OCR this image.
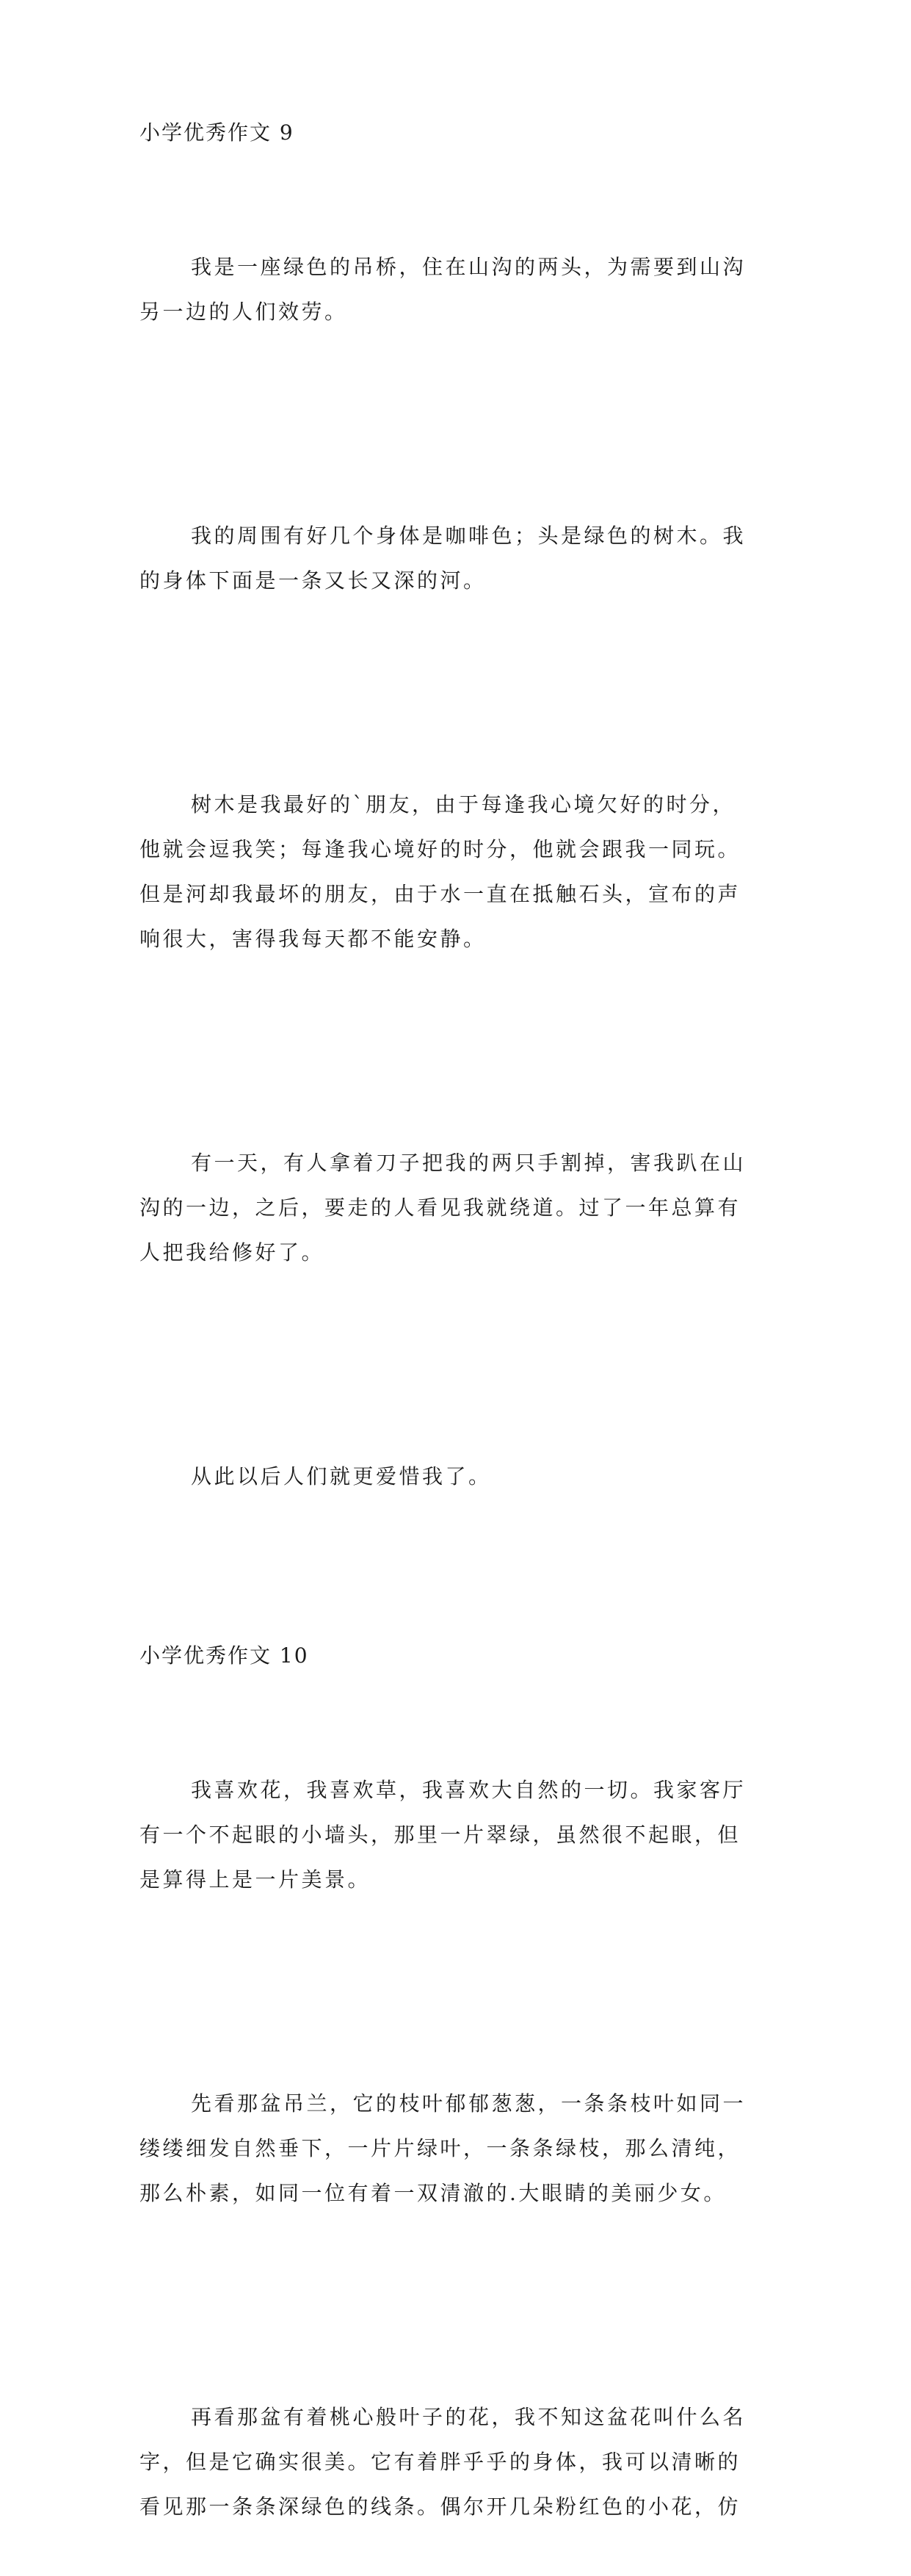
小学优秀作文 9

我是一座绿色的吊桥，住在山沟的两头，为需要到山沟
另一边的人们效劳。

我的周围有好几个身体是咖啡色；头是绿色的树木。我
的身体下面是一条又长又深的河。

树木是我最好的`朋友，由于每逢我心境欠好的时分，
他就会逗我笑；每逢我心境好的时分，他就会跟我一同玩。
但是河却我最坏的朋友，由于水一直在抵触石头，宣布的声
响很大，害得我每天都不能安静。

有一天，有人拿着刀子把我的两只手割掉，害我趴在山
沟的一边，之后，要走的人看见我就绕道。过了一年总算有
人把我给修好了。

从此以后人们就更爱惜我了。

小学优秀作文 10

我喜欢花，我喜欢草，我喜欢大自然的一切。我家客厅
有一个不起眼的小墙头，那里一片翠绿，虽然很不起眼，但
是算得上是一片美景。

先看那盆吊兰，它的枝叶郁郁葱葱，一条条枝叶如同一
缕缕细发自然垂下，一片片绿叶，一条条绿枝，那么清纯，
那么朴素，如同一位有着一双清澈的.大眼睛的美丽少女。

再看那盆有着桃心般叶子的花，我不知这盆花叫什么名
字，但是它确实很美。它有着胖乎乎的身体，我可以清晰的
看见那一条条深绿色的线条。偶尔开几朵粉红色的小花，仿
